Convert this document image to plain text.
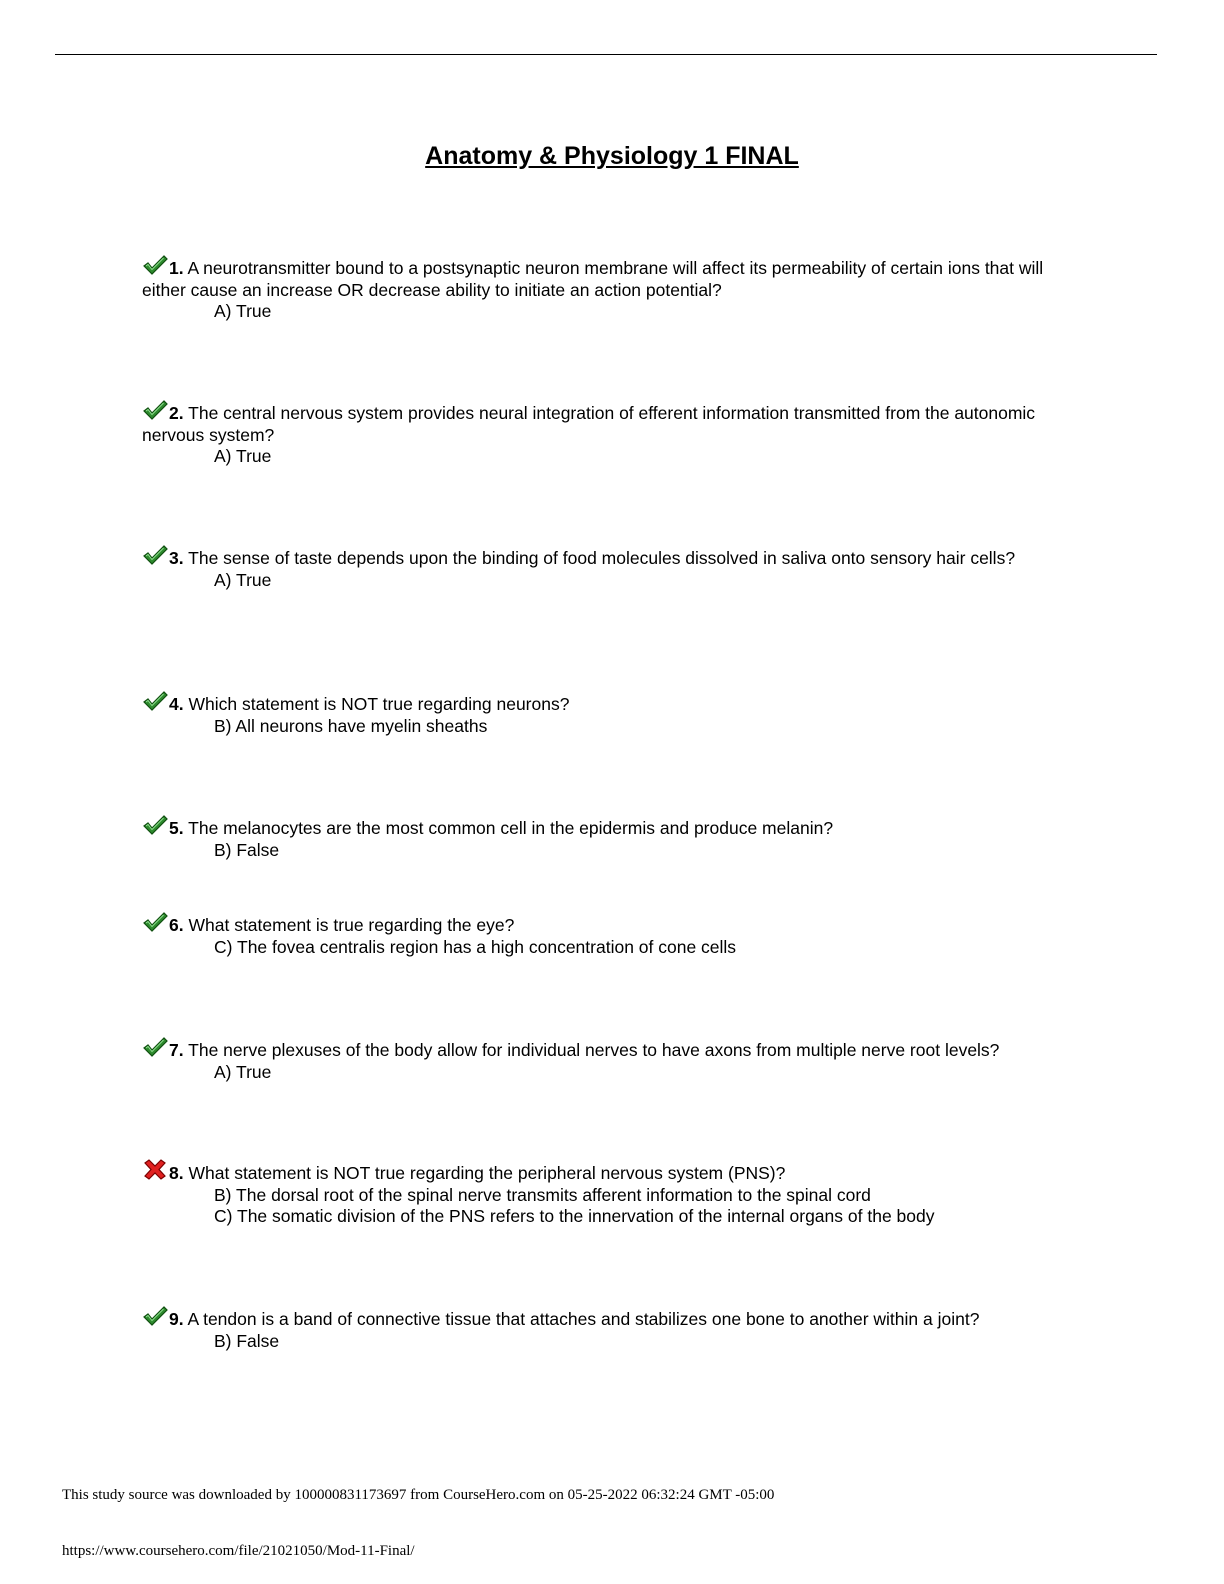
Anatomy & Physiology 1 FINAL
1. A neurotransmitter bound to a postsynaptic neuron membrane will affect its permeability of certain ions that will either cause an increase OR decrease ability to initiate an action potential?
A) True
2. The central nervous system provides neural integration of efferent information transmitted from the autonomic nervous system?
A) True
3. The sense of taste depends upon the binding of food molecules dissolved in saliva onto sensory hair cells?
A) True
4. Which statement is NOT true regarding neurons?
B) All neurons have myelin sheaths
5. The melanocytes are the most common cell in the epidermis and produce melanin?
B) False
6. What statement is true regarding the eye?
C) The fovea centralis region has a high concentration of cone cells
7. The nerve plexuses of the body allow for individual nerves to have axons from multiple nerve root levels?
A) True
8. What statement is NOT true regarding the peripheral nervous system (PNS)?
B) The dorsal root of the spinal nerve transmits afferent information to the spinal cord
C) The somatic division of the PNS refers to the innervation of the internal organs of the body
9. A tendon is a band of connective tissue that attaches and stabilizes one bone to another within a joint?
B) False
This study source was downloaded by 100000831173697 from CourseHero.com on 05-25-2022 06:32:24 GMT -05:00
https://www.coursehero.com/file/21021050/Mod-11-Final/
